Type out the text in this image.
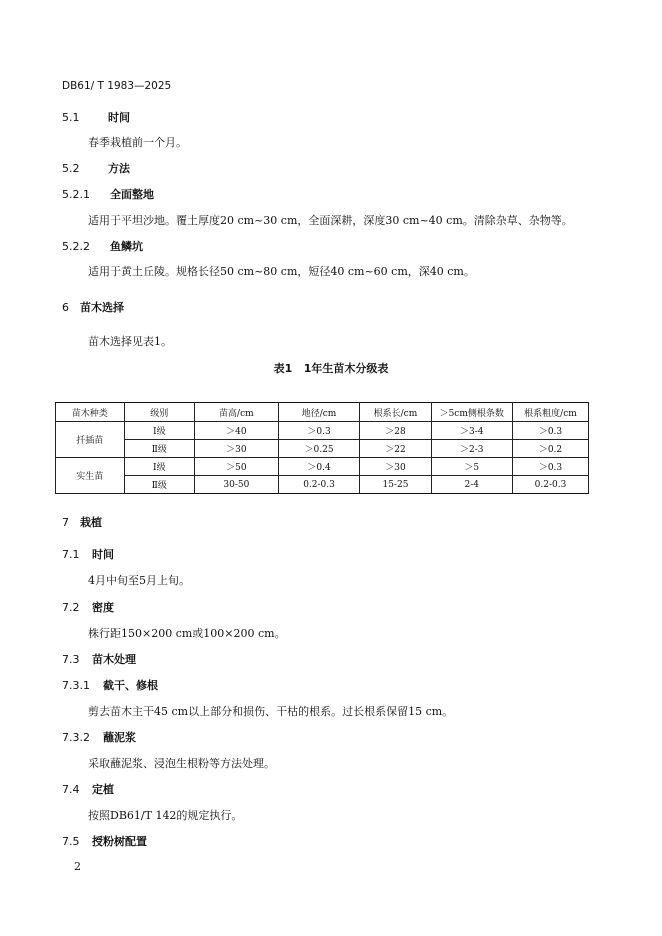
DB61/ T 1983—2025
5.1	时间
春季栽植前一个月。
5.2	方法
5.2.1 全面整地
适用于平坦沙地。覆土厚度20 cm~30 cm，全面深耕，深度30 cm~40 cm。清除杂草、杂物等。
5.2.2 鱼鳞坑
适用于黄土丘陵。规格长径50 cm~80 cm，短径40 cm~60 cm，深40 cm。
6 苗木选择
苗木选择见表1。
表1   1年生苗木分级表
苗木种类	级别	苗高/cm	地径/cm	根系长/cm	＞5cm侧根条数	根系粗度/cm
扦插苗	Ⅰ级	＞40	＞0.3	＞28	＞3-4	＞0.3
	Ⅱ级	＞30	＞0.25	＞22	＞2-3	＞0.2
实生苗	Ⅰ级	＞50	＞0.4	＞30	＞5	＞0.3
	Ⅱ级	30-50	0.2-0.3	15-25	2-4	0.2-0.3
7 栽植
7.1 时间
4月中旬至5月上旬。
7.2 密度
株行距150×200 cm或100×200 cm。
7.3 苗木处理
7.3.1 截干、修根
剪去苗木主干45 cm以上部分和损伤、干枯的根系。过长根系保留15 cm。
7.3.2 蘸泥浆
采取蘸泥浆、浸泡生根粉等方法处理。
7.4 定植
按照DB61/T 142的规定执行。
7.5 授粉树配置
2
